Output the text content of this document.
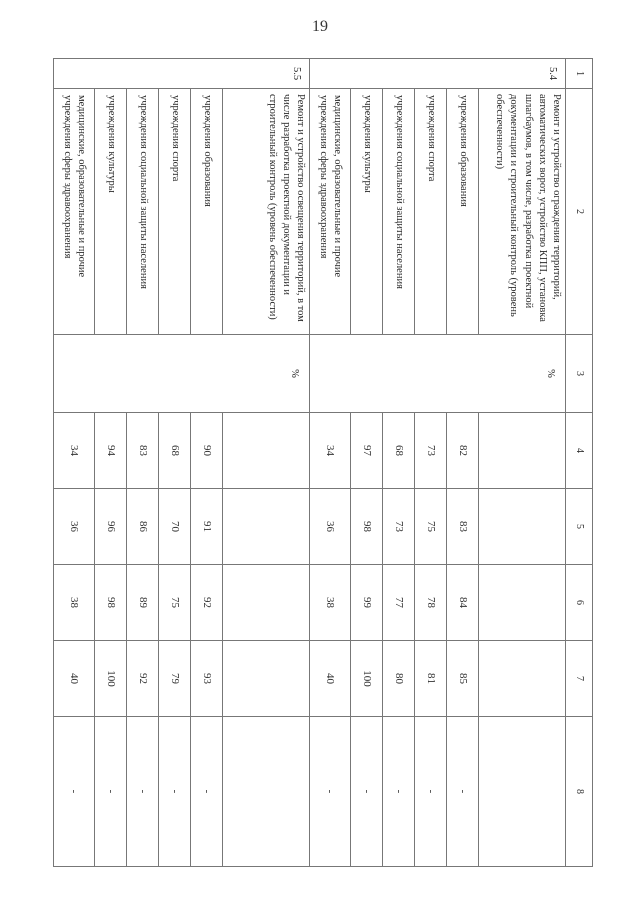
19
1	2	3	4	5	6	7	8
5.4	Ремонт и устройство ограждения территорий, автоматических ворот, устройство КПП, установка шлагбаумов, в том числе, разработка проектной документации и строительный контроль (уровень обеспеченности)	%					
	учреждения образования		82	83	84	85	-
	учреждения спорта		73	75	78	81	-
	учреждения социальной защиты населения		68	73	77	80	-
	учреждения культуры		97	98	99	100	-
	медицинские, образовательные и прочие учреждения сферы здравоохранения		34	36	38	40	-
5.5	Ремонт и устройство освещения территорий, в том числе разработка проектной документации и строительный контроль (уровень обеспеченности)	%					
	учреждения образования		90	91	92	93	-
	учреждения спорта		68	70	75	79	-
	учреждения социальной защиты населения		83	86	89	92	-
	учреждения культуры		94	96	98	100	-
	медицинские, образовательные и прочие учреждения сферы здравоохранения		34	36	38	40	-
